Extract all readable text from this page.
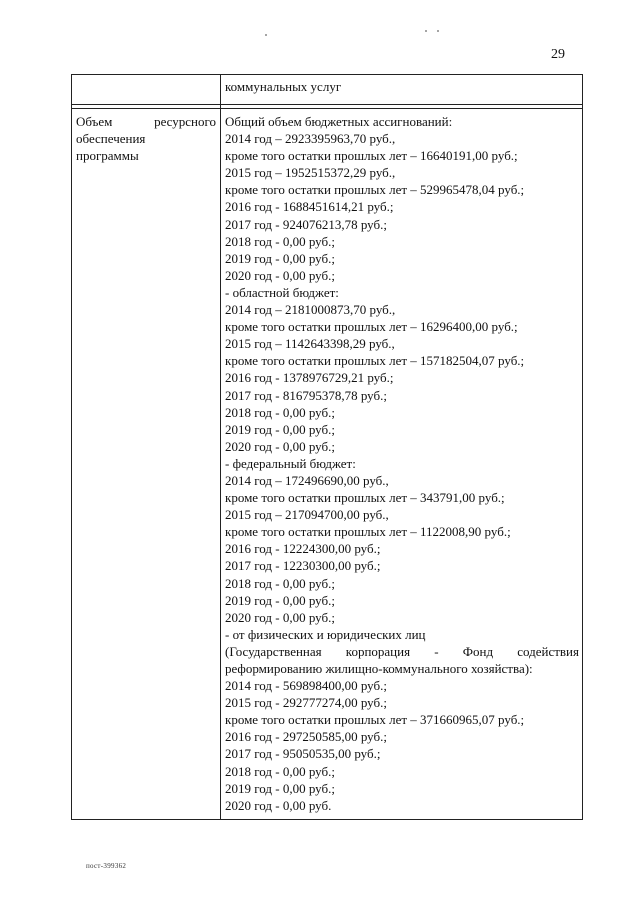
29
коммунальных услуг
Объем	ресурсного
обеспечения
программы
Общий объем бюджетных ассигнований:
2014 год – 2923395963,70 руб.,
кроме того остатки прошлых лет – 16640191,00 руб.;
2015 год – 1952515372,29 руб.,
кроме того остатки прошлых лет – 529965478,04 руб.;
2016 год - 1688451614,21 руб.;
2017 год - 924076213,78 руб.;
2018 год - 0,00 руб.;
2019 год - 0,00 руб.;
2020 год - 0,00 руб.;
- областной бюджет:
2014 год – 2181000873,70 руб.,
кроме того остатки прошлых лет – 16296400,00 руб.;
2015 год – 1142643398,29 руб.,
кроме того остатки прошлых лет – 157182504,07 руб.;
2016 год - 1378976729,21 руб.;
2017 год - 816795378,78 руб.;
2018 год - 0,00 руб.;
2019 год - 0,00 руб.;
2020 год - 0,00 руб.;
- федеральный бюджет:
2014 год – 172496690,00 руб.,
кроме того остатки прошлых лет – 343791,00 руб.;
2015 год – 217094700,00 руб.,
кроме того остатки прошлых лет – 1122008,90 руб.;
2016 год - 12224300,00 руб.;
2017 год - 12230300,00 руб.;
2018 год - 0,00 руб.;
2019 год - 0,00 руб.;
2020 год - 0,00 руб.;
- от физических и юридических лиц
(Государственная корпорация - Фонд содействия
реформированию жилищно-коммунального хозяйства):
2014 год - 569898400,00 руб.;
2015 год - 292777274,00 руб.;
кроме того остатки прошлых лет – 371660965,07 руб.;
2016 год - 297250585,00 руб.;
2017 год - 95050535,00 руб.;
2018 год - 0,00 руб.;
2019 год - 0,00 руб.;
2020 год - 0,00 руб.
пост-399362
